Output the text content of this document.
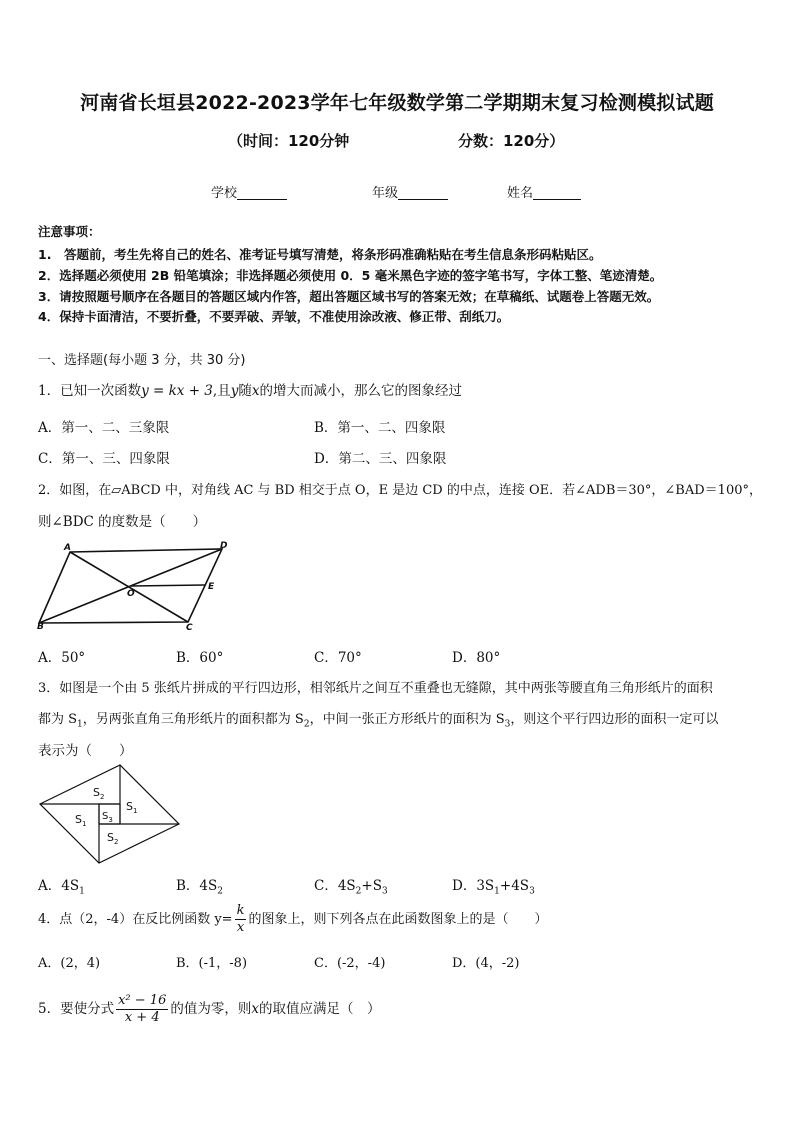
河南省长垣县2022-2023学年七年级数学第二学期期末复习检测模拟试题
（时间：120分钟	分数：120分）
学校	年级	姓名
注意事项：
1.　答题前，考生先将自己的姓名、准考证号填写清楚，将条形码准确粘贴在考生信息条形码粘贴区。
2．选择题必须使用 2B 铅笔填涂；非选择题必须使用 0．5 毫米黑色字迹的签字笔书写，字体工整、笔迹清楚。
3．请按照题号顺序在各题目的答题区域内作答，超出答题区域书写的答案无效；在草稿纸、试题卷上答题无效。
4．保持卡面清洁，不要折叠，不要弄破、弄皱，不准使用涂改液、修正带、刮纸刀。
一、选择题(每小题 3 分，共 30 分)
1．已知一次函数y = kx + 3,且y随x的增大而减小，那么它的图象经过
A．第一、二、三象限	B．第一、二、四象限
C．第一、三、四象限	D．第二、三、四象限
2．如图，在▱ABCD 中，对角线 AC 与 BD 相交于点 O，E 是边 CD 的中点，连接 OE．若∠ADB＝30°，∠BAD＝100°，
则∠BDC 的度数是（　　）
A	D
O
E
B	C
A．50°	B．60°	C．70°	D．80°
3．如图是一个由 5 张纸片拼成的平行四边形，相邻纸片之间互不重叠也无缝隙，其中两张等腰直角三角形纸片的面积
都为 $S_1$，另两张直角三角形纸片的面积都为 $S_2$，中间一张正方形纸片的面积为 $S_3$，则这个平行四边形的面积一定可以
表示为（　　）
$S_2$
$S_1$
$S_3$
$S_1$
$S_2$
A．$4S_1$	B．$4S_2$	C．$4S_2+S_3$	D．$3S_1+4S_3$
4．点（2，-4）在反比例函数 $y= \frac{k}{x}$ 的图象上，则下列各点在此函数图象上的是（　　）
A．(2，4)	B．(-1，-8)	C．(-2，-4)	D．(4，-2)
5．要使分式 $\frac{\text{x² − 16}}{x + 4}$ 的值为零，则x的取值应满足（　）
